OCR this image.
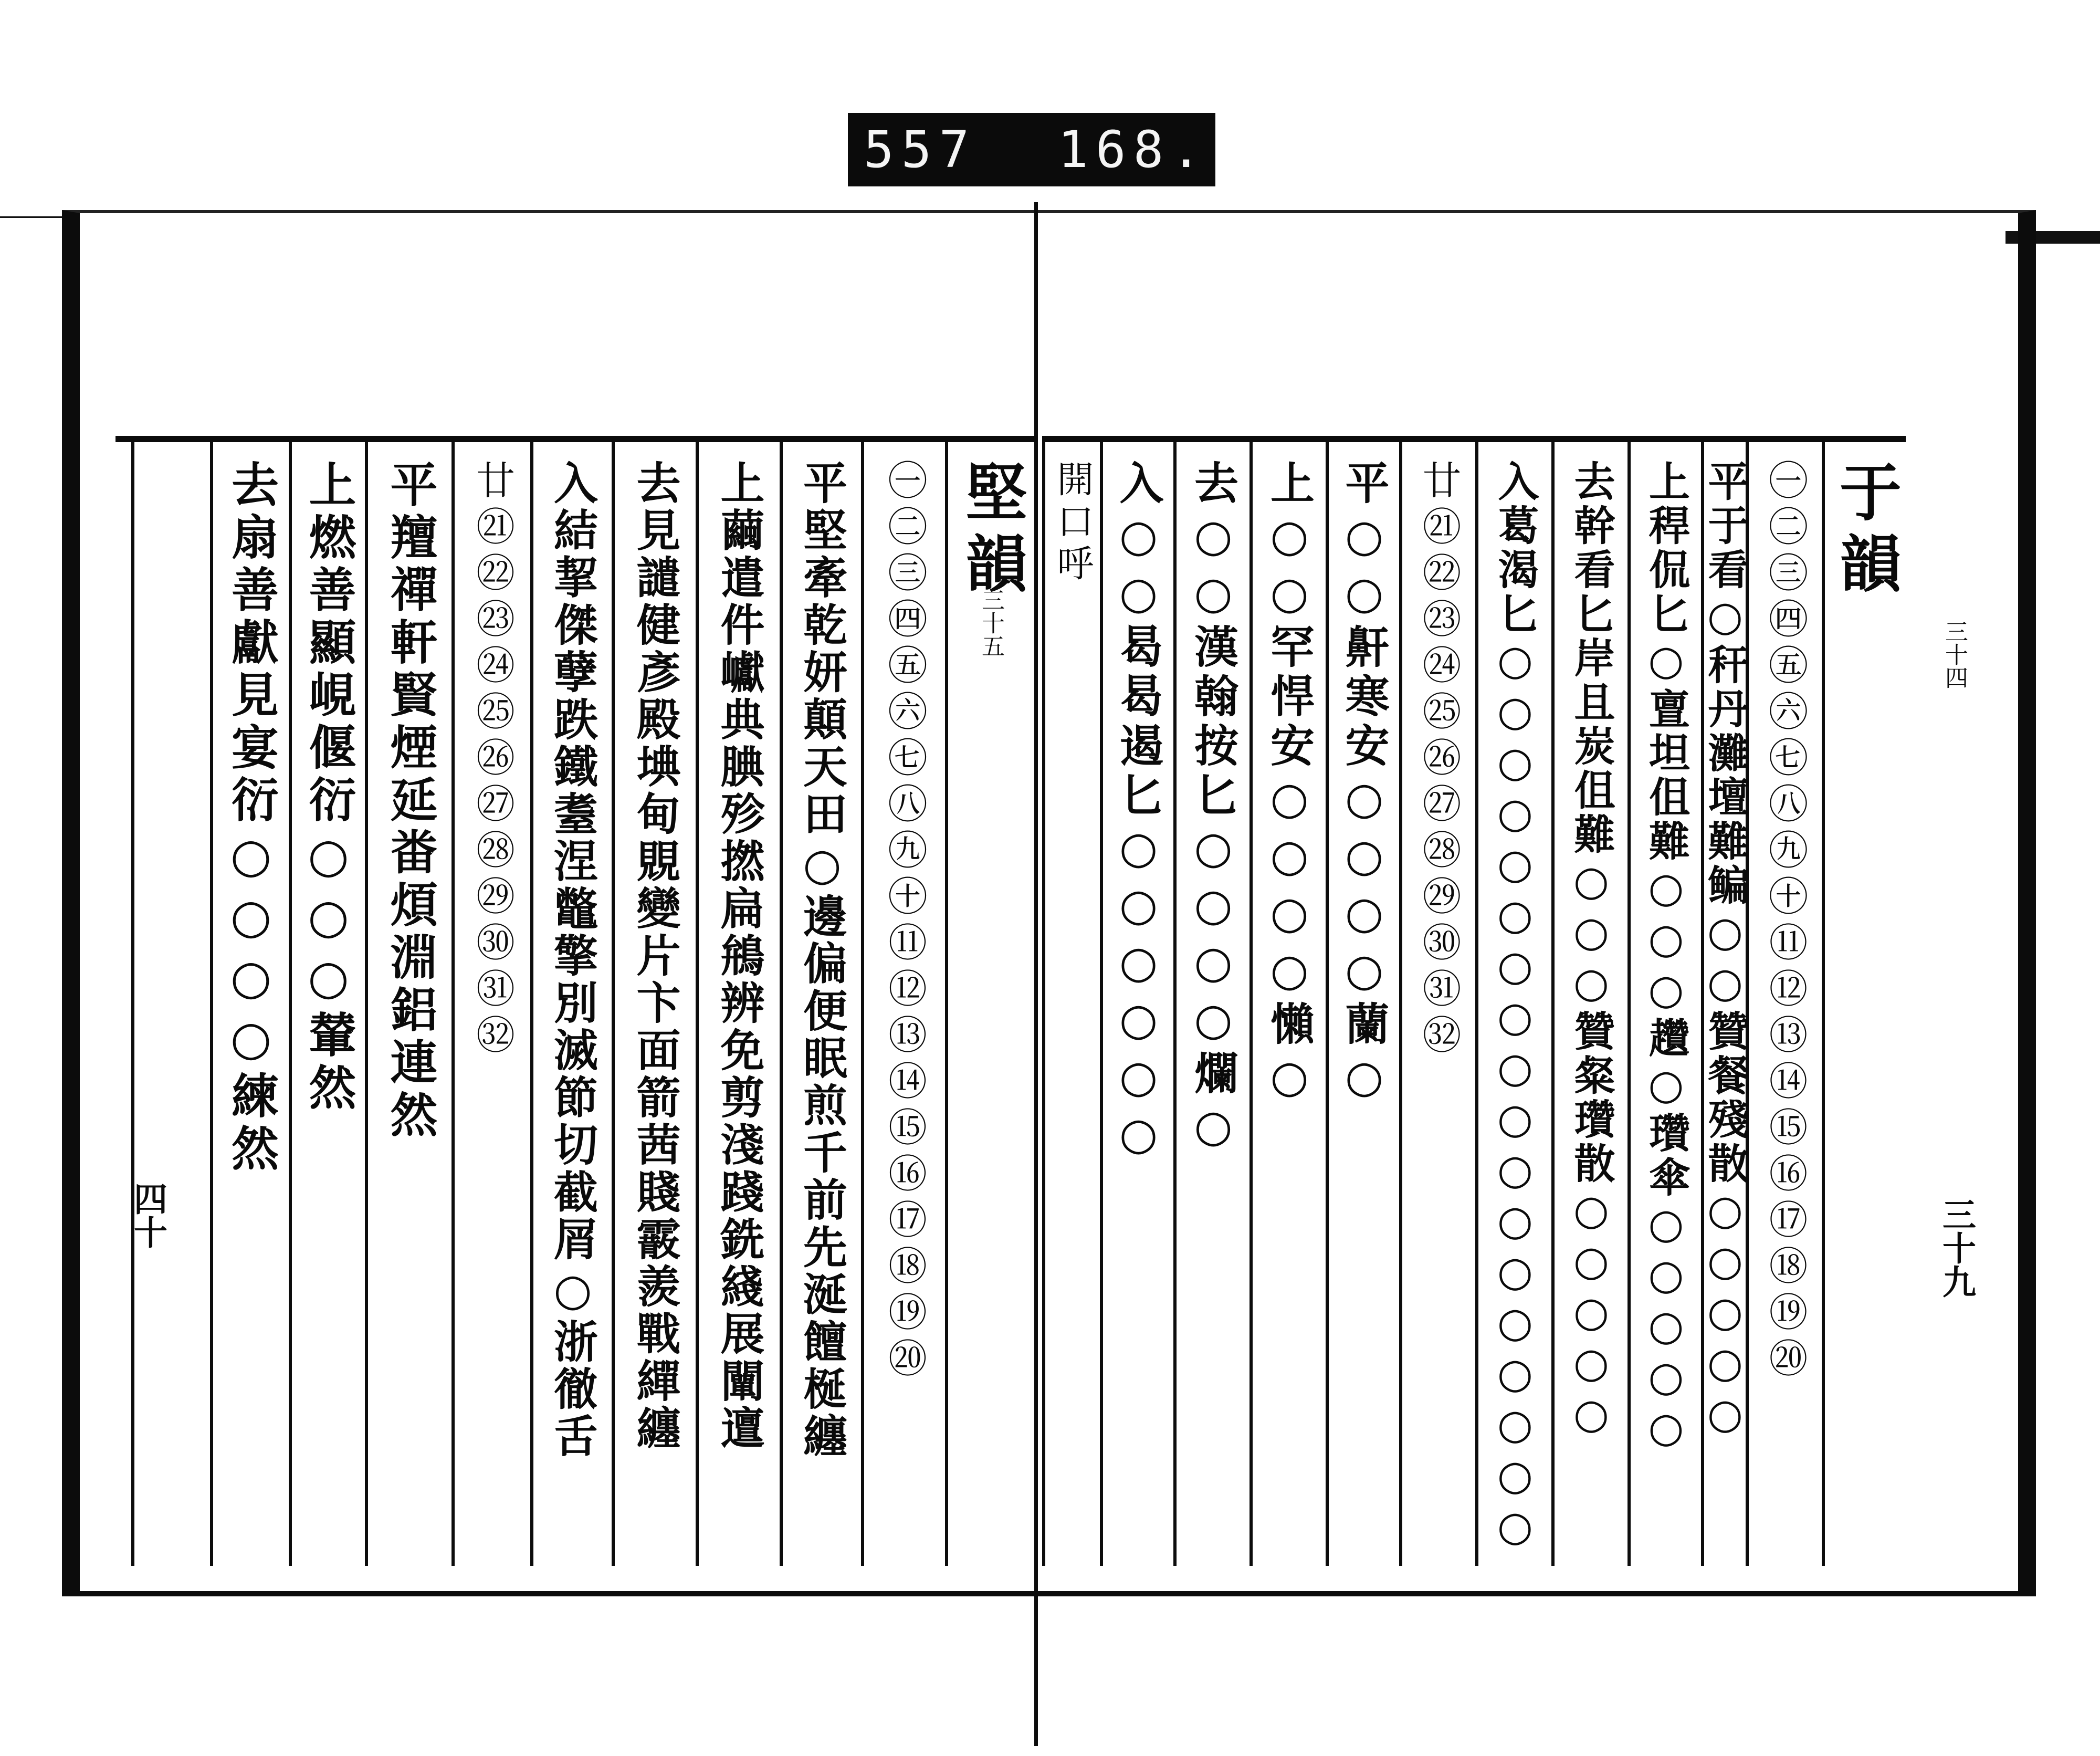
557 168.
于韻
㊀㊁㊂㊃㊄㊅㊆㊇㊈㊉⑪⑫⑬⑭⑮⑯⑰⑱⑲⑳
平于看○秆丹灘壇難鳊○○贊餐殘散○○○○○
上稈侃匕○亶坦伹難○○○趲○瓚傘○○○○○
去幹看匕岸且炭伹難○○○贊粲瓚散○○○○○
入葛渴匕○○○○○○○○○○○○○○○○○○
廿㉑㉒㉓㉔㉕㉖㉗㉘㉙㉚㉛㉜
平○○鼾寒安○○○○蘭○
上○○罕悍安○○○○懶○
去○○漢翰按匕○○○○爛○
入○○曷曷遏匕○○○○○○
開口呼
堅韻
㊀㊁㊂㊃㊄㊅㊆㊇㊈㊉⑪⑫⑬⑭⑮⑯⑰⑱⑲⑳
平堅牽乾妍顛天田○邊偏便眠煎千前先涎饘梴纏
上繭遣件巘典腆殄撚扁鴘辨免剪淺踐銑綫展闡邅
去見譴健彥殿㙉甸覞變片卞面箭茜賤霰羨戰繟纏
入結挈傑孽跌鐵耋涅鼈擎別滅節切截屑○浙徹舌
廿㉑㉒㉓㉔㉕㉖㉗㉘㉙㉚㉛㉜
平羶禪軒賢煙延畨煩淵鋁連然
上燃善顯峴偃衍○○○輦然
去扇善獻見宴衍○○○○練然
三十九
四十
三十四
三十五
